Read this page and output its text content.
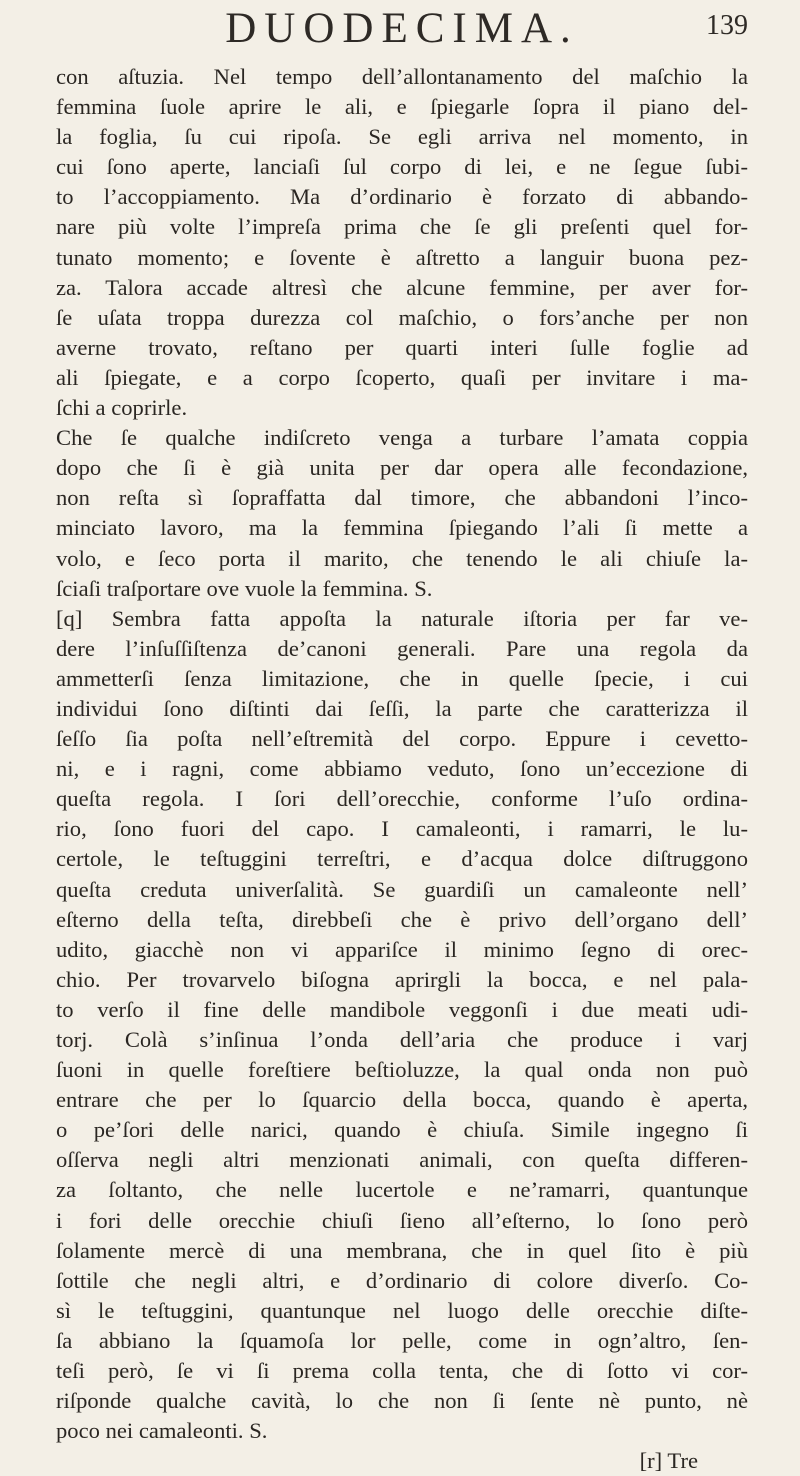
DUODECIMA.	139
con aſtuzia. Nel tempo dell’allontanamento del maſchio la
femmina ſuole aprire le ali, e ſpiegarle ſopra il piano del-
la foglia, ſu cui ripoſa. Se egli arriva nel momento, in
cui ſono aperte, lanciaſi ſul corpo di lei, e ne ſegue ſubi-
to l’accoppiamento. Ma d’ordinario è forzato di abbando-
nare più volte l’impreſa prima che ſe gli preſenti quel for-
tunato momento; e ſovente è aſtretto a languir buona pez-
za. Talora accade altresì che alcune femmine, per aver for-
ſe uſata troppa durezza col maſchio, o fors’anche per non
averne trovato, reſtano per quarti interi ſulle foglie ad
ali ſpiegate, e a corpo ſcoperto, quaſi per invitare i ma-
ſchi a coprirle.
Che ſe qualche indiſcreto venga a turbare l’amata coppia
dopo che ſi è già unita per dar opera alle fecondazione,
non reſta sì ſopraffatta dal timore, che abbandoni l’inco-
minciato lavoro, ma la femmina ſpiegando l’ali ſi mette a
volo, e ſeco porta il marito, che tenendo le ali chiuſe la-
ſciaſi traſportare ove vuole la femmina. S.
[q] Sembra fatta appoſta la naturale iſtoria per far ve-
dere l’inſuſſiſtenza de’canoni generali. Pare una regola da
ammetterſi ſenza limitazione, che in quelle ſpecie, i cui
individui ſono diſtinti dai ſeſſi, la parte che caratterizza il
ſeſſo ſia poſta nell’eſtremità del corpo. Eppure i cevetto-
ni, e i ragni, come abbiamo veduto, ſono un’eccezione di
queſta regola. I ſori dell’orecchie, conforme l’uſo ordina-
rio, ſono fuori del capo. I camaleonti, i ramarri, le lu-
certole, le teſtuggini terreſtri, e d’acqua dolce diſtruggono
queſta creduta univerſalità. Se guardiſi un camaleonte nell’
eſterno della teſta, direbbeſi che è privo dell’organo dell’
udito, giacchè non vi appariſce il minimo ſegno di orec-
chio. Per trovarvelo biſogna aprirgli la bocca, e nel pala-
to verſo il fine delle mandibole veggonſi i due meati udi-
torj. Colà s’inſinua l’onda dell’aria che produce i varj
ſuoni in quelle foreſtiere beſtioluzze, la qual onda non può
entrare che per lo ſquarcio della bocca, quando è aperta,
o pe’ſori delle narici, quando è chiuſa. Simile ingegno ſi
oſſerva negli altri menzionati animali, con queſta differen-
za ſoltanto, che nelle lucertole e ne’ramarri, quantunque
i fori delle orecchie chiuſi ſieno all’eſterno, lo ſono però
ſolamente mercè di una membrana, che in quel ſito è più
ſottile che negli altri, e d’ordinario di colore diverſo. Co-
sì le teſtuggini, quantunque nel luogo delle orecchie diſte-
ſa abbiano la ſquamoſa lor pelle, come in ogn’altro, ſen-
teſi però, ſe vi ſi prema colla tenta, che di ſotto vi cor-
riſponde qualche cavità, lo che non ſi ſente nè punto, nè
poco nei camaleonti. S.
[r] Tre
